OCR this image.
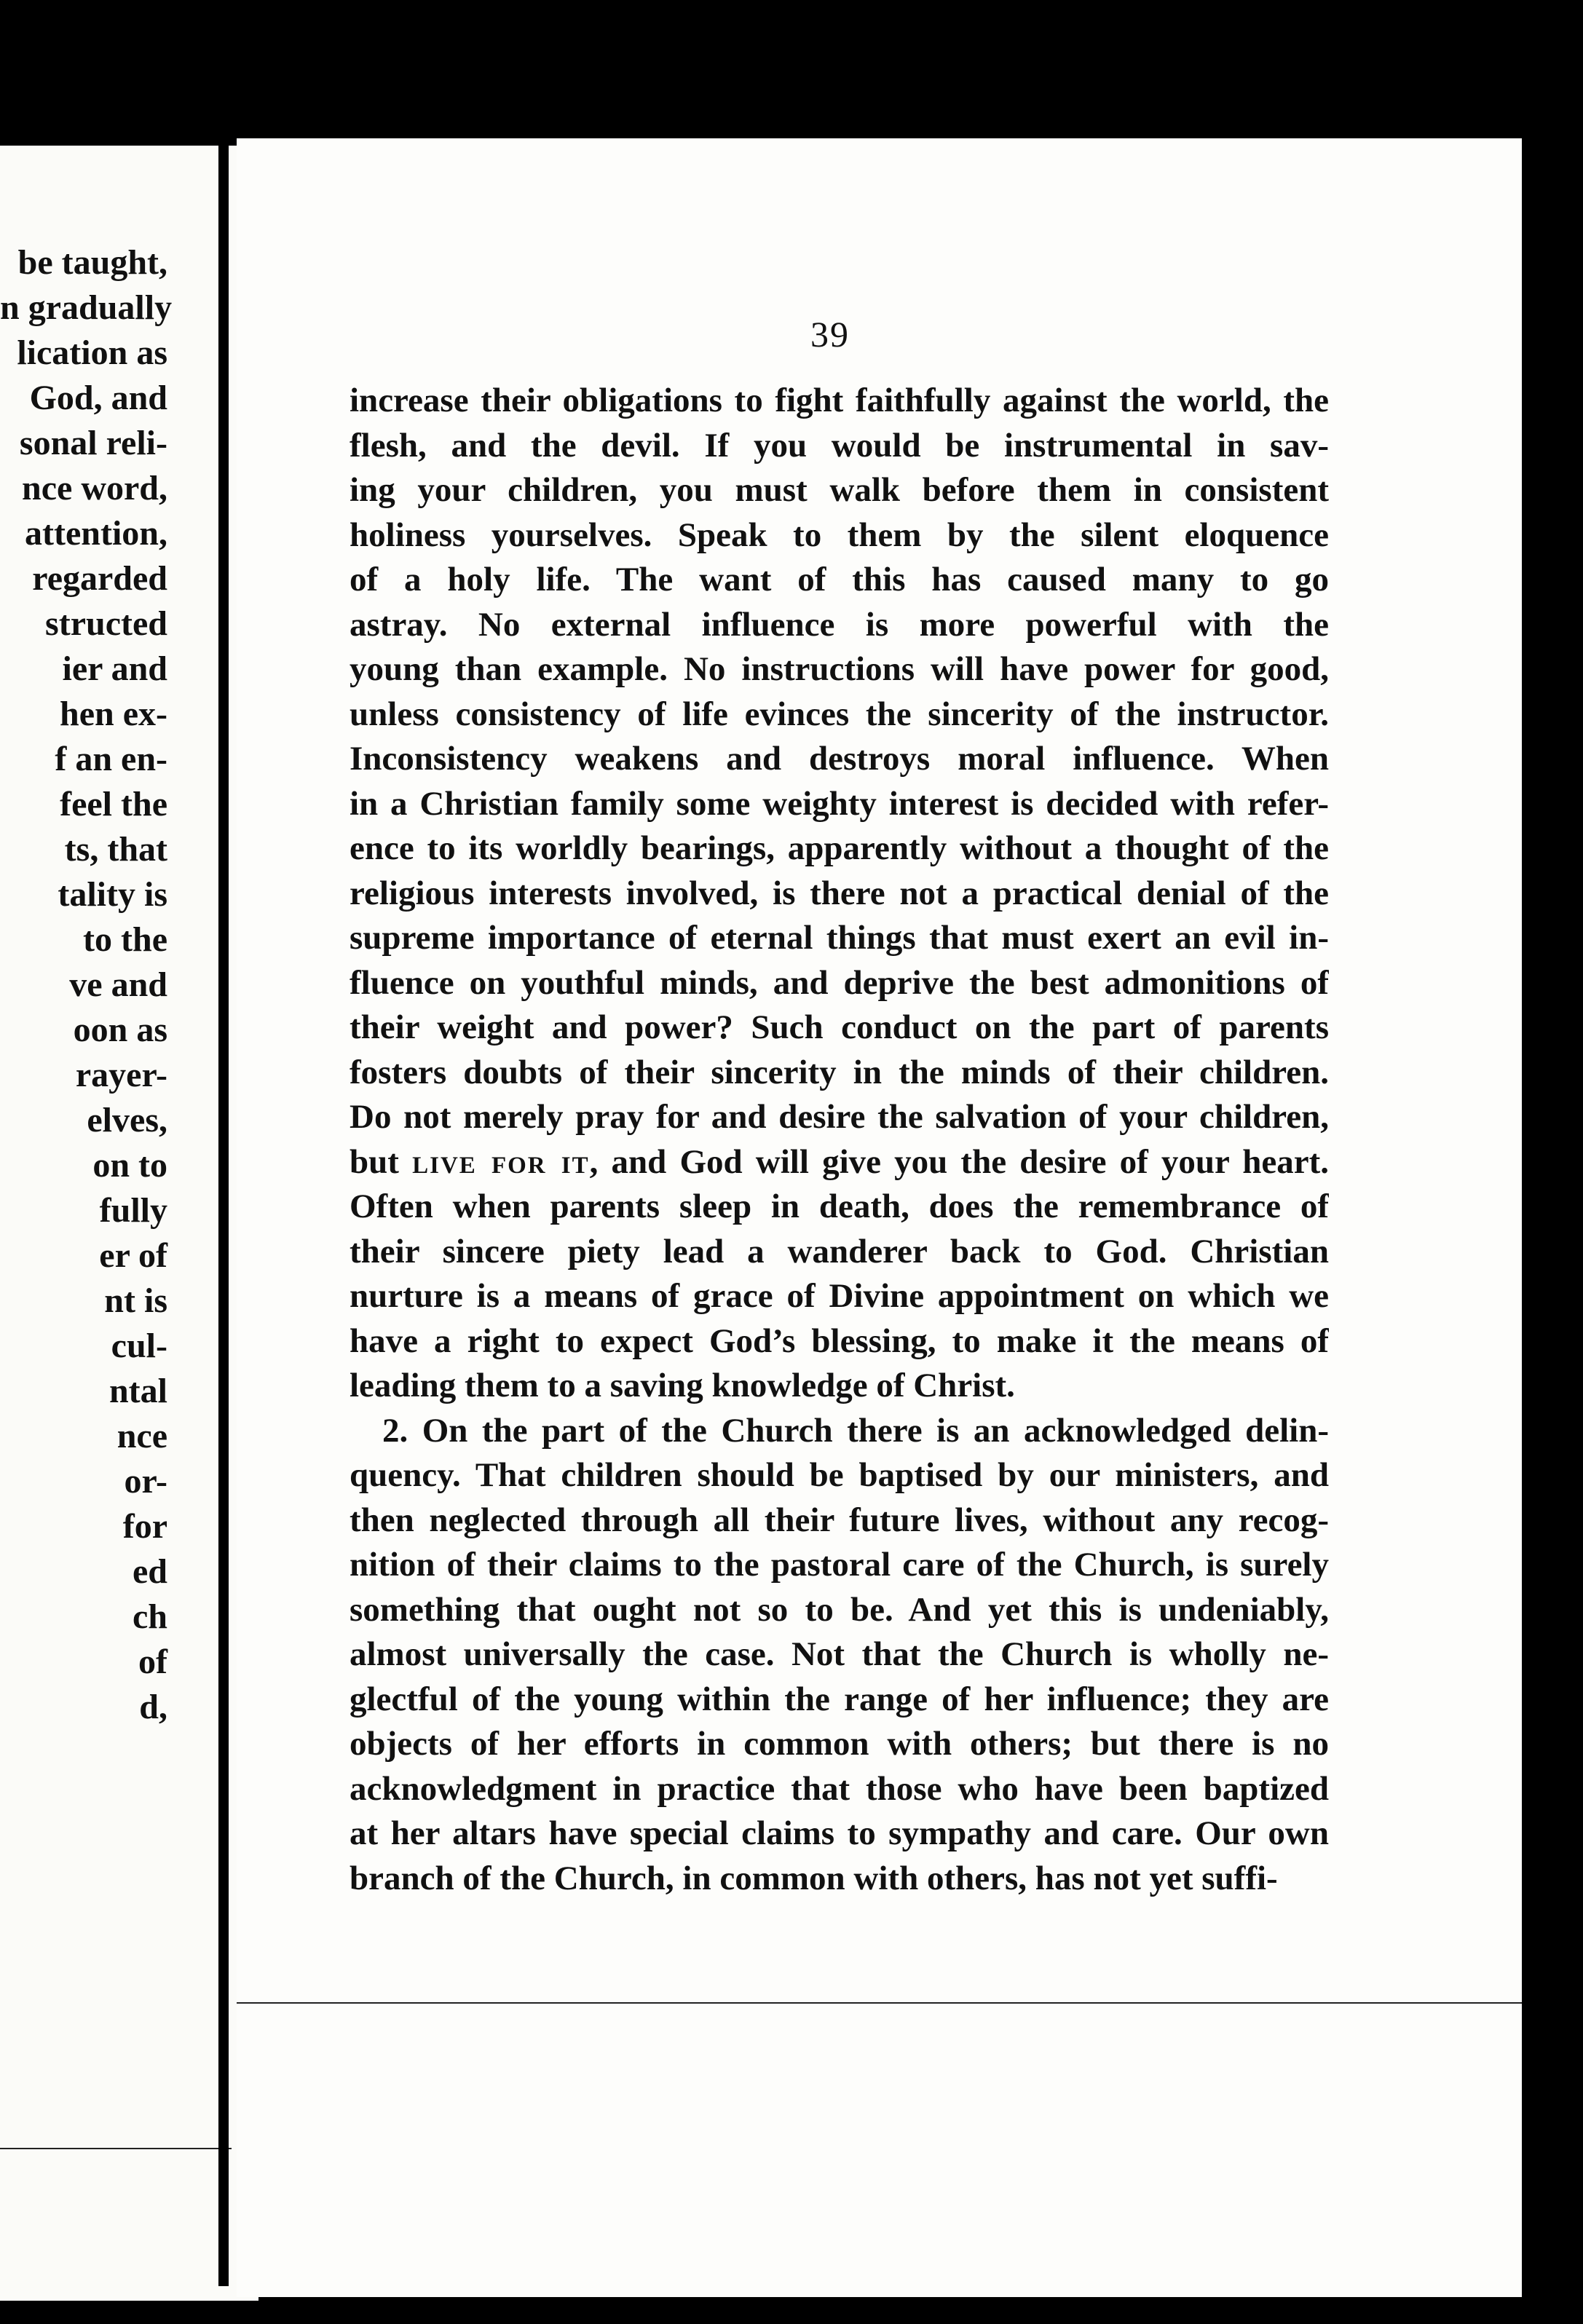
be taught,
n gradually
lication as
God, and
sonal reli-
nce word,
attention,
regarded
structed
ier and
hen ex-
f an en-
feel the
ts, that
tality is
to the
ve and
oon as
rayer-
elves,
on to
fully
er of
nt is
cul-
ntal
nce
or-
for
ed
ch
of
d,
39
increase their obligations to fight faithfully against the world, the
flesh, and the devil. If you would be instrumental in sav-
ing your children, you must walk before them in consistent
holiness yourselves. Speak to them by the silent eloquence
of a holy life. The want of this has caused many to go
astray. No external influence is more powerful with the
young than example. No instructions will have power for good,
unless consistency of life evinces the sincerity of the instructor.
Inconsistency weakens and destroys moral influence. When
in a Christian family some weighty interest is decided with refer-
ence to its worldly bearings, apparently without a thought of the
religious interests involved, is there not a practical denial of the
supreme importance of eternal things that must exert an evil in-
fluence on youthful minds, and deprive the best admonitions of
their weight and power? Such conduct on the part of parents
fosters doubts of their sincerity in the minds of their children.
Do not merely pray for and desire the salvation of your children,
but live for it, and God will give you the desire of your heart.
Often when parents sleep in death, does the remembrance of
their sincere piety lead a wanderer back to God. Christian
nurture is a means of grace of Divine appointment on which we
have a right to expect God’s blessing, to make it the means of
leading them to a saving knowledge of Christ.
2. On the part of the Church there is an acknowledged delin-
quency. That children should be baptised by our ministers, and
then neglected through all their future lives, without any recog-
nition of their claims to the pastoral care of the Church, is surely
something that ought not so to be. And yet this is undeniably,
almost universally the case. Not that the Church is wholly ne-
glectful of the young within the range of her influence; they are
objects of her efforts in common with others; but there is no
acknowledgment in practice that those who have been baptized
at her altars have special claims to sympathy and care. Our own
branch of the Church, in common with others, has not yet suffi-
